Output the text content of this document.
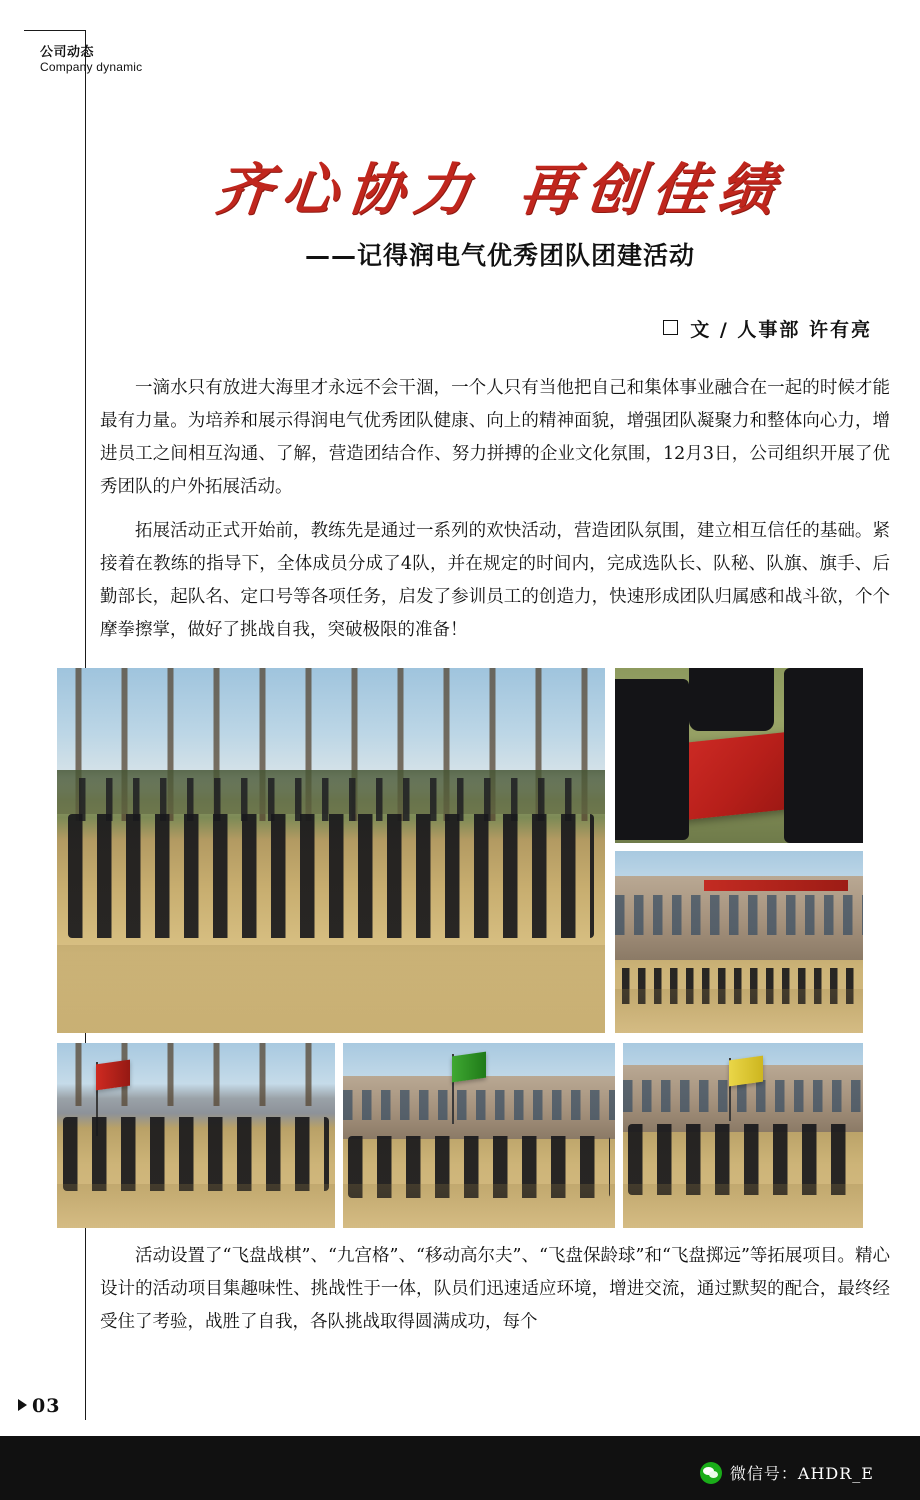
公司动态
Company dynamic
齐心协力 再创佳绩
——记得润电气优秀团队团建活动
文 / 人事部 许有亮

一滴水只有放进大海里才永远不会干涸，一个人只有当他把自己和集体事业融合在一起的时候才能最有力量。为培养和展示得润电气优秀团队健康、向上的精神面貌，增强团队凝聚力和整体向心力，增进员工之间相互沟通、了解，营造团结合作、努力拼搏的企业文化氛围，12月3日，公司组织开展了优秀团队的户外拓展活动。

拓展活动正式开始前，教练先是通过一系列的欢快活动，营造团队氛围，建立相互信任的基础。紧接着在教练的指导下，全体成员分成了4队，并在规定的时间内，完成选队长、队秘、队旗、旗手、后勤部长，起队名、定口号等各项任务，启发了参训员工的创造力，快速形成团队归属感和战斗欲，个个摩拳擦掌，做好了挑战自我，突破极限的准备！

活动设置了“飞盘战棋”、“九宫格”、“移动高尔夫”、“飞盘保龄球”和“飞盘掷远”等拓展项目。精心设计的活动项目集趣味性、挑战性于一体，队员们迅速适应环境，增进交流，通过默契的配合，最终经受住了考验，战胜了自我，各队挑战取得圆满成功，每个

03
微信号：AHDR_E
